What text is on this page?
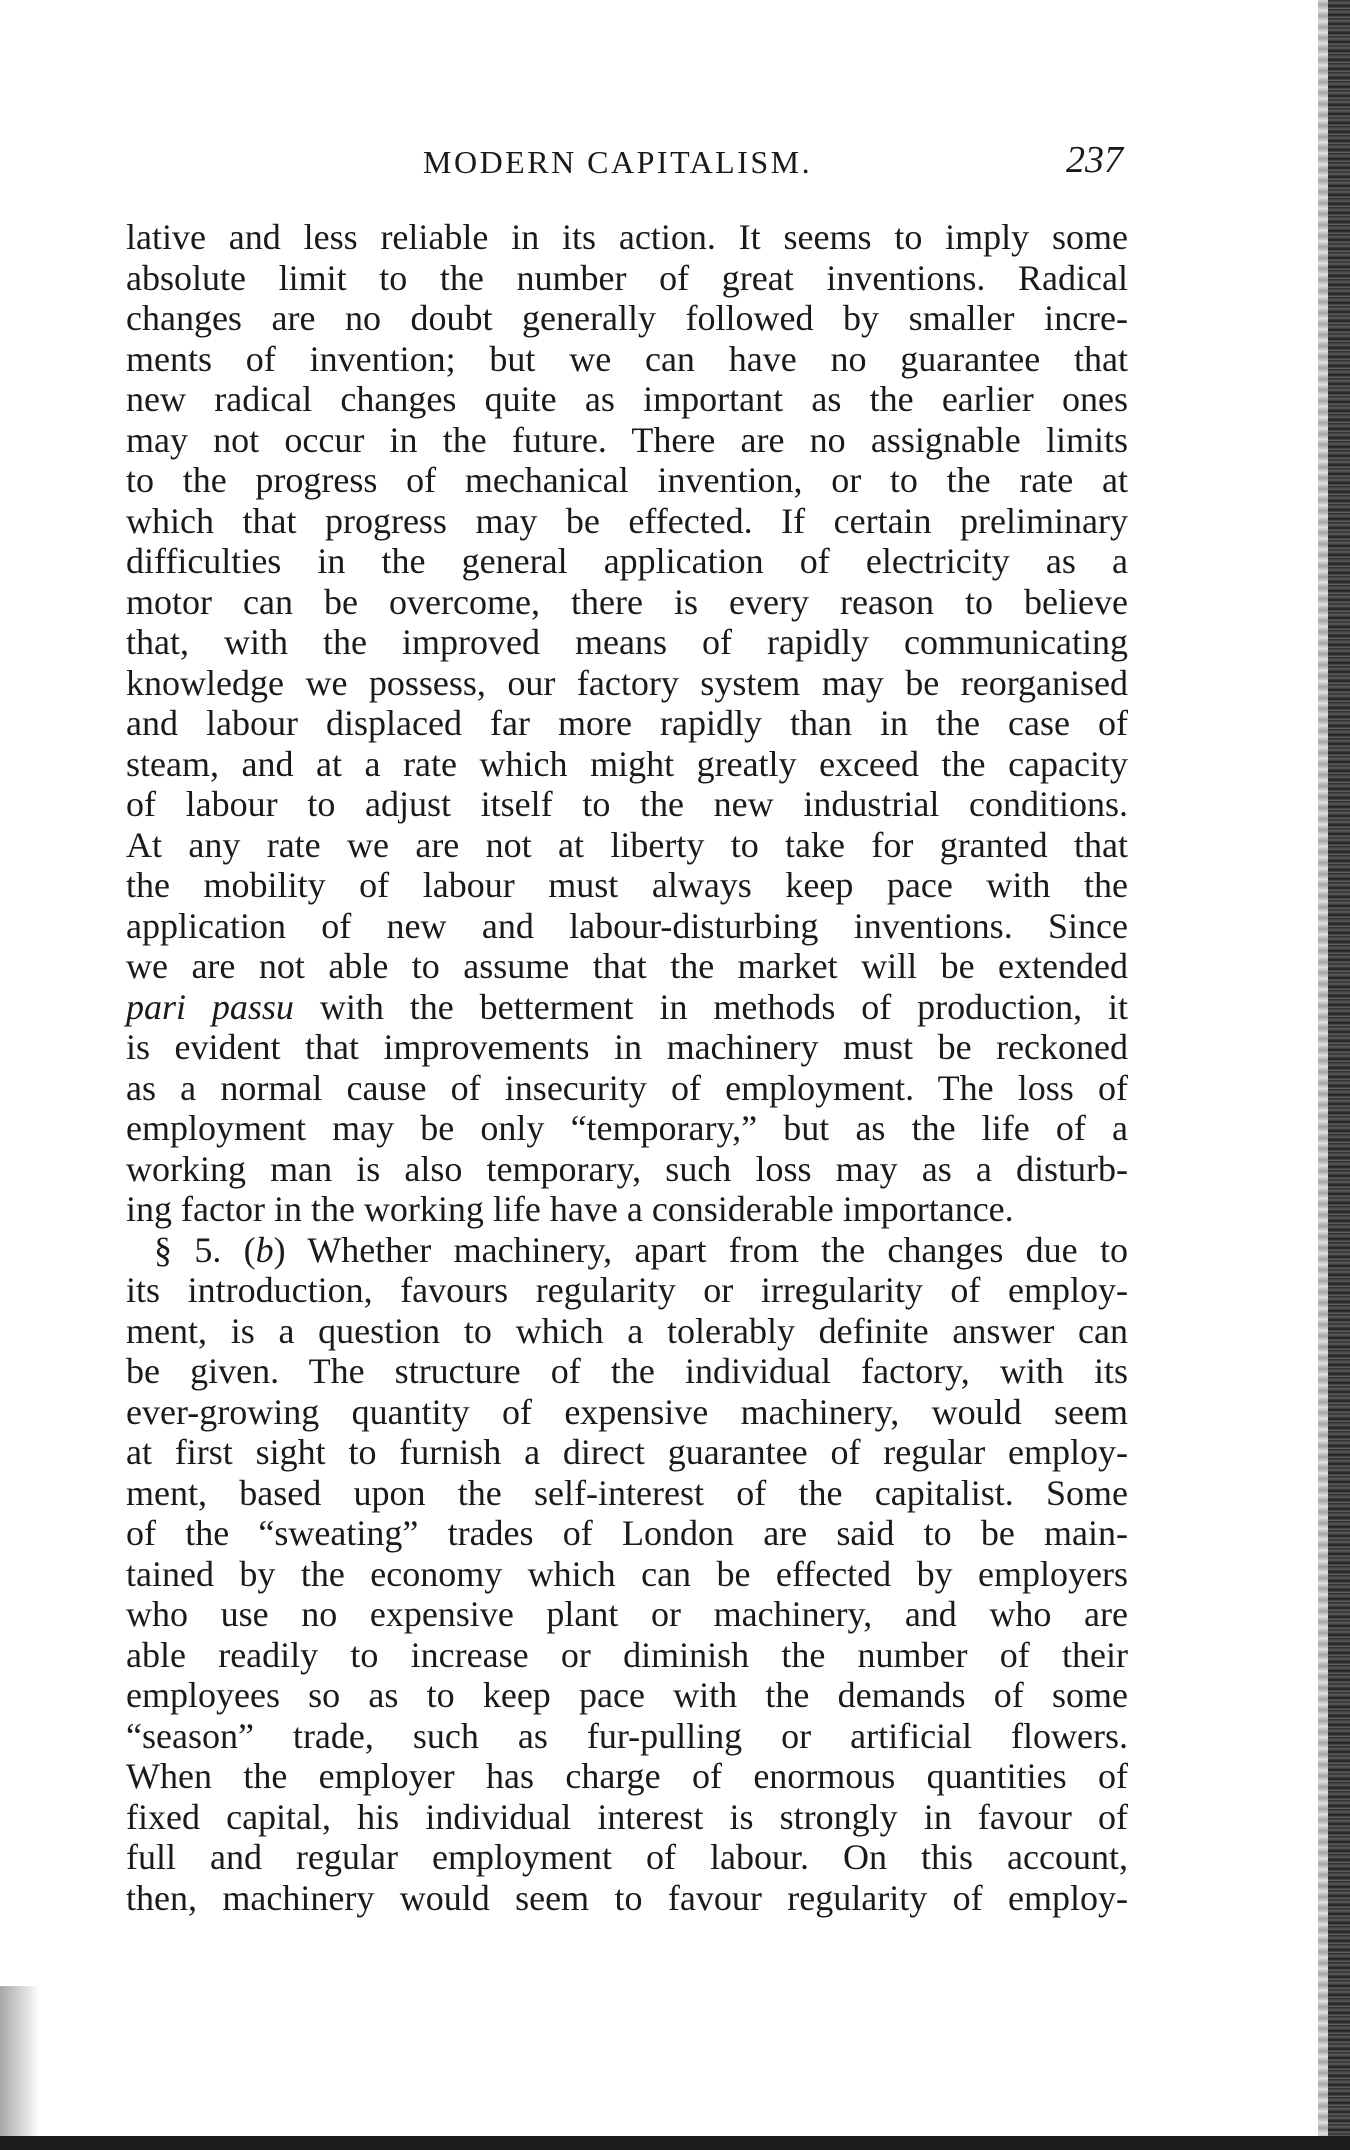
MODERN CAPITALISM.	237
lative and less reliable in its action. It seems to imply some
absolute limit to the number of great inventions. Radical
changes are no doubt generally followed by smaller incre-
ments of invention; but we can have no guarantee that
new radical changes quite as important as the earlier ones
may not occur in the future. There are no assignable limits
to the progress of mechanical invention, or to the rate at
which that progress may be effected. If certain preliminary
difficulties in the general application of electricity as a
motor can be overcome, there is every reason to believe
that, with the improved means of rapidly communicating
knowledge we possess, our factory system may be reorganised
and labour displaced far more rapidly than in the case of
steam, and at a rate which might greatly exceed the capacity
of labour to adjust itself to the new industrial conditions.
At any rate we are not at liberty to take for granted that
the mobility of labour must always keep pace with the
application of new and labour-disturbing inventions. Since
we are not able to assume that the market will be extended
pari passu with the betterment in methods of production, it
is evident that improvements in machinery must be reckoned
as a normal cause of insecurity of employment. The loss of
employment may be only “temporary,” but as the life of a
working man is also temporary, such loss may as a disturb-
ing factor in the working life have a considerable importance.
§ 5. (b) Whether machinery, apart from the changes due to
its introduction, favours regularity or irregularity of employ-
ment, is a question to which a tolerably definite answer can
be given. The structure of the individual factory, with its
ever-growing quantity of expensive machinery, would seem
at first sight to furnish a direct guarantee of regular employ-
ment, based upon the self-interest of the capitalist. Some
of the “sweating” trades of London are said to be main-
tained by the economy which can be effected by employers
who use no expensive plant or machinery, and who are
able readily to increase or diminish the number of their
employees so as to keep pace with the demands of some
“season” trade, such as fur-pulling or artificial flowers.
When the employer has charge of enormous quantities of
fixed capital, his individual interest is strongly in favour of
full and regular employment of labour. On this account,
then, machinery would seem to favour regularity of employ-
